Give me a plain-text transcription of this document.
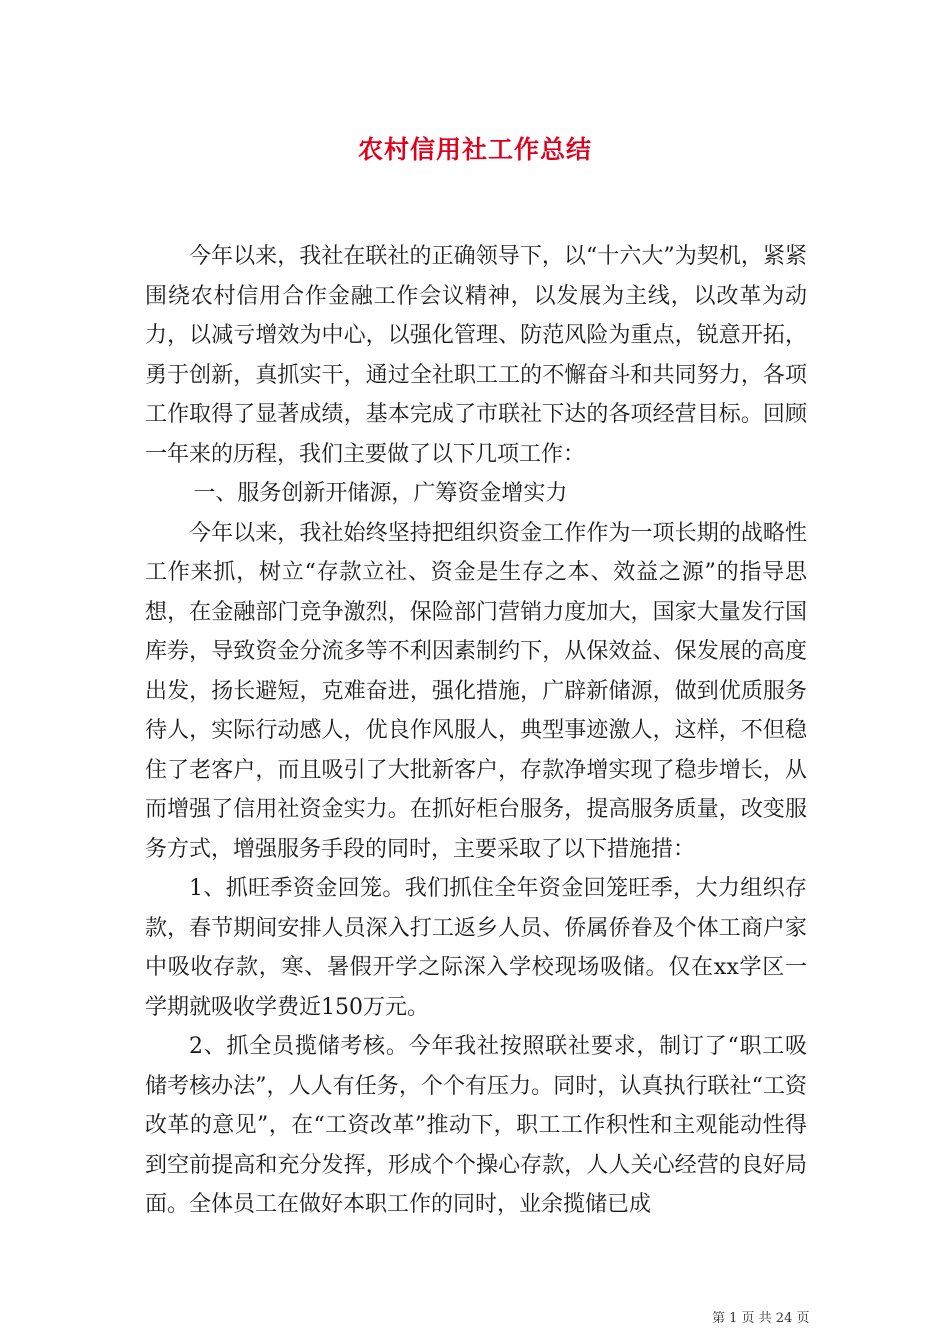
农村信用社工作总结

今年以来，我社在联社的正确领导下，以“十六大”为契机，紧紧围绕农村信用合作金融工作会议精神，以发展为主线，以改革为动力，以减亏增效为中心，以强化管理、防范风险为重点，锐意开拓，勇于创新，真抓实干，通过全社职工工的不懈奋斗和共同努力，各项工作取得了显著成绩，基本完成了市联社下达的各项经营目标。回顾一年来的历程，我们主要做了以下几项工作：

一、服务创新开储源，广筹资金增实力

今年以来，我社始终坚持把组织资金工作作为一项长期的战略性工作来抓，树立“存款立社、资金是生存之本、效益之源”的指导思想，在金融部门竞争激烈，保险部门营销力度加大，国家大量发行国库券，导致资金分流多等不利因素制约下，从保效益、保发展的高度出发，扬长避短，克难奋进，强化措施，广辟新储源，做到优质服务待人，实际行动感人，优良作风服人，典型事迹激人，这样，不但稳住了老客户，而且吸引了大批新客户，存款净增实现了稳步增长，从而增强了信用社资金实力。在抓好柜台服务，提高服务质量，改变服务方式，增强服务手段的同时，主要采取了以下措施措：

1、抓旺季资金回笼。我们抓住全年资金回笼旺季，大力组织存款，春节期间安排人员深入打工返乡人员、侨属侨眷及个体工商户家中吸收存款，寒、暑假开学之际深入学校现场吸储。仅在xx学区一学期就吸收学费近150万元。

2、抓全员揽储考核。今年我社按照联社要求，制订了“职工吸储考核办法”，人人有任务，个个有压力。同时，认真执行联社“工资改革的意见”，在“工资改革”推动下，职工工作积性和主观能动性得到空前提高和充分发挥，形成个个操心存款，人人关心经营的良好局面。全体员工在做好本职工作的同时，业余揽储已成

第 1 页 共 24 页
